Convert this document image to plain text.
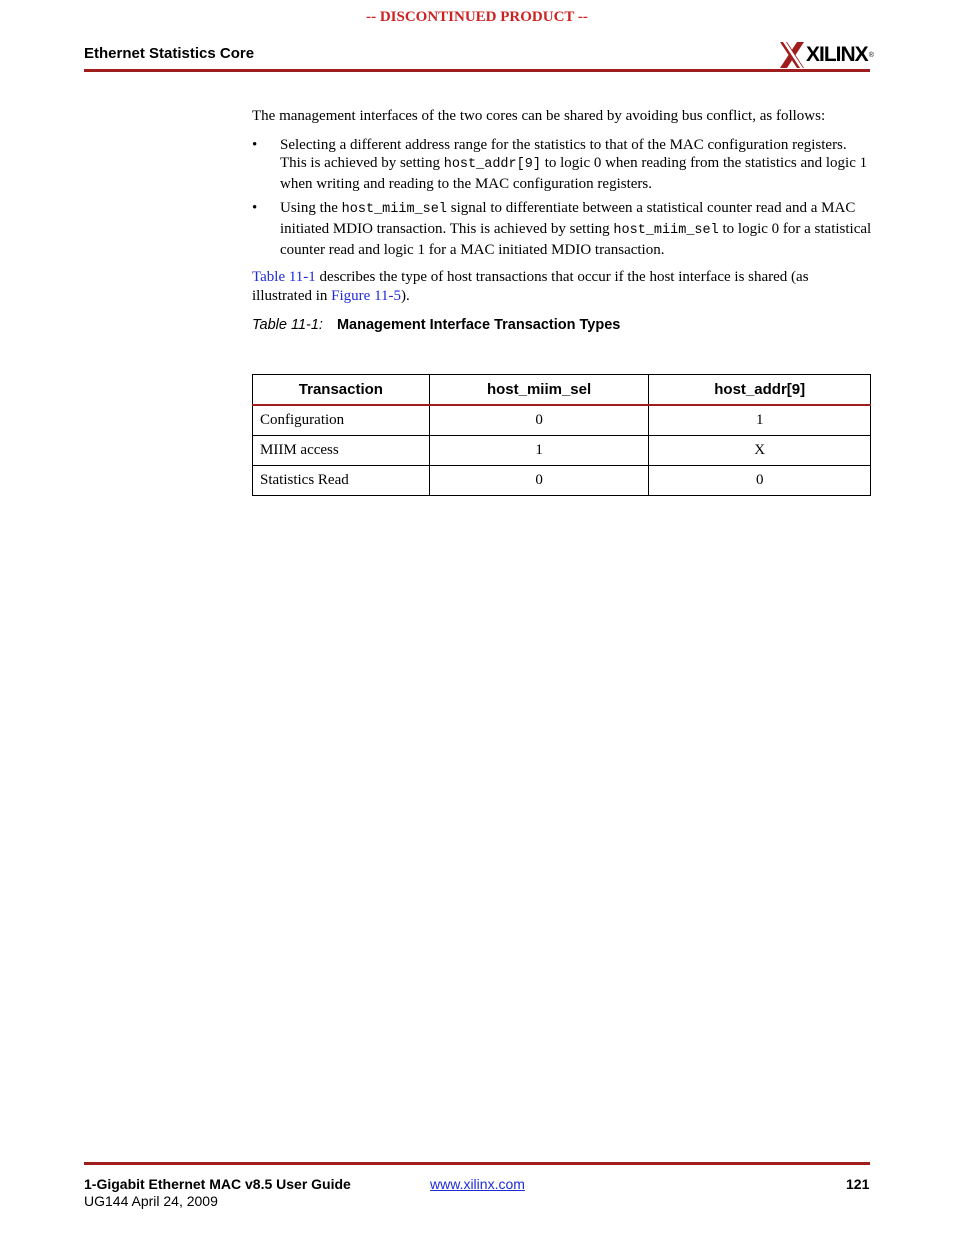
-- DISCONTINUED PRODUCT --
Ethernet Statistics Core	XILINX ®

The management interfaces of the two cores can be shared by avoiding bus conflict, as follows:

• Selecting a different address range for the statistics to that of the MAC configuration registers. This is achieved by setting host_addr[9] to logic 0 when reading from the statistics and logic 1 when writing and reading to the MAC configuration registers.
• Using the host_miim_sel signal to differentiate between a statistical counter read and a MAC initiated MDIO transaction. This is achieved by setting host_miim_sel to logic 0 for a statistical counter read and logic 1 for a MAC initiated MDIO transaction.

Table 11-1 describes the type of host transactions that occur if the host interface is shared (as illustrated in Figure 11-5).

Table 11-1: Management Interface Transaction Types

Transaction	host_miim_sel	host_addr[9]
Configuration	0	1
MIIM access	1	X
Statistics Read	0	0
1-Gigabit Ethernet MAC v8.5 User Guide
UG144 April 24, 2009
www.xilinx.com	121
